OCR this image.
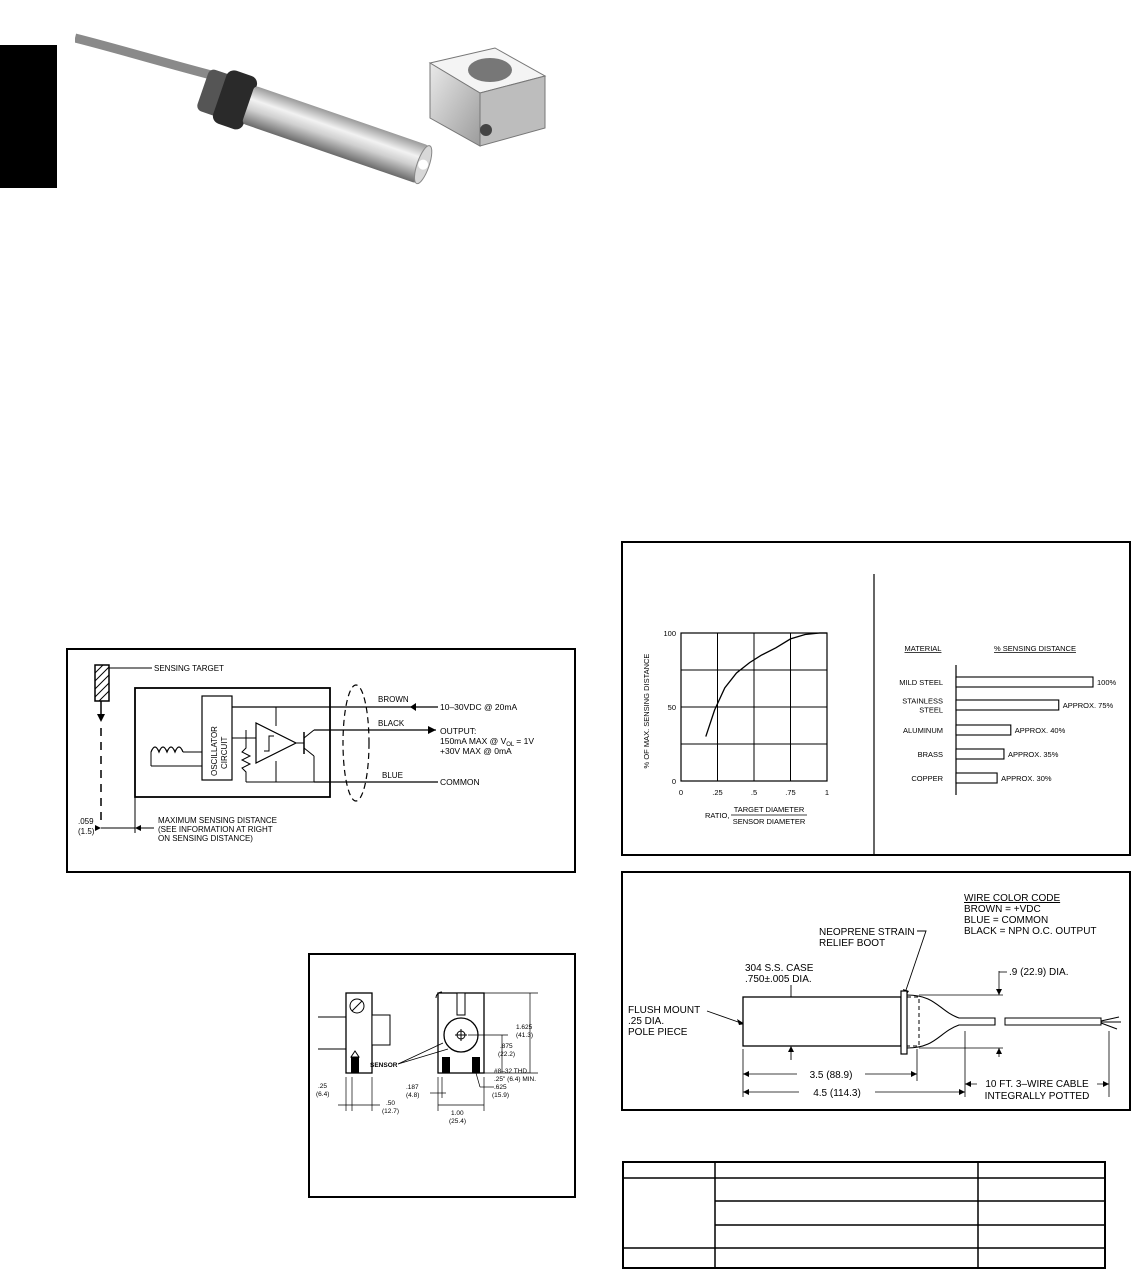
SENSING TARGET
OSCILLATOR CIRCUIT
BROWN
10–30VDC @ 20mA
BLACK
OUTPUT:
150mA MAX @ $V_{OL} = 1V$
+30V MAX @ 0mA
BLUE
COMMON
.059
(1.5)
MAXIMUM SENSING DISTANCE
(SEE INFORMATION AT RIGHT
ON SENSING DISTANCE)
SENSOR
.25
(6.4)
.50
(12.7)
.187
(4.8)
1.00
(25.4)
.625
(15.9)
#8–32 THD.
.25" (6.4) MIN.
1.625
(41.3)
.875
(22.2)
0	.25	.5	.75	1
0
50
100
% OF MAX. SENSING DISTANCE
RATIO,
TARGET DIAMETER
SENSOR DIAMETER
MATERIAL	% SENSING DISTANCE
MILD STEEL	100%
STAINLESS
STEEL	APPROX. 75%
ALUMINUM	APPROX. 40%
BRASS	APPROX. 35%
COPPER	APPROX. 30%
WIRE COLOR CODE
BROWN = +VDC
BLUE = COMMON
BLACK = NPN O.C. OUTPUT
NEOPRENE STRAIN
RELIEF BOOT
304 S.S. CASE
.750±.005 DIA.
FLUSH MOUNT
.25 DIA.
POLE PIECE
.9 (22.9) DIA.
3.5 (88.9)
4.5 (114.3)
10 FT. 3–WIRE CABLE
INTEGRALLY POTTED
